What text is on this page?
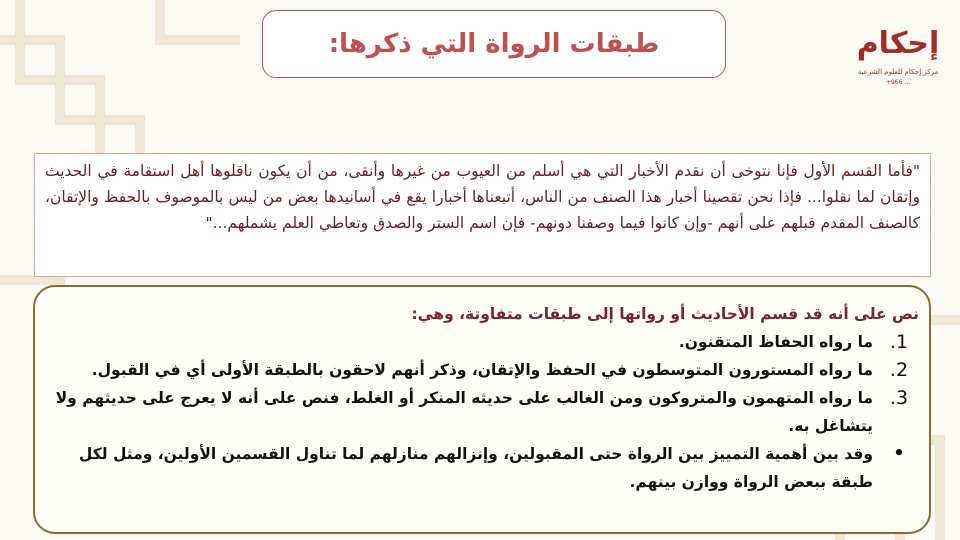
طبقات الرواة التي ذكرها:	إحكام
مركز إحكام للعلوم الشرعية
+966 ...

"فأما القسم الأول فإنا نتوخى أن نقدم الأخبار التي هي أسلم من العيوب من غيرها وأنقى، من أن يكون ناقلوها أهل استقامة في الحديث وإتقان لما نقلوا... فإذا نحن تقصينا أخبار هذا الصنف من الناس، أتبعناها أخبارا يقع في أسانيدها بعض من ليس بالموصوف بالحفظ والإتقان، كالصنف المقدم قبلهم على أنهم -وإن كانوا فيما وصفنا دونهم- فإن اسم الستر والصدق وتعاطي العلم يشملهم..."

نص على أنه قد قسم الأحاديث أو رواتها إلى طبقات متفاوتة، وهي:

1.
ما رواه الحفاظ المتقنون.
2.
ما رواه المستورون المتوسطون في الحفظ والإتقان، وذكر أنهم لاحقون بالطبقة الأولى أي في القبول.
3.
ما رواه المتهمون والمتروكون ومن الغالب على حديثه المنكر أو الغلط، فنص على أنه لا يعرج على حديثهم ولا يتشاغل به.
•
وقد بين أهمية التمييز بين الرواة حتى المقبولين، وإنزالهم منازلهم لما تناول القسمين الأولين، ومثل لكل طبقة ببعض الرواة ووازن بينهم.
